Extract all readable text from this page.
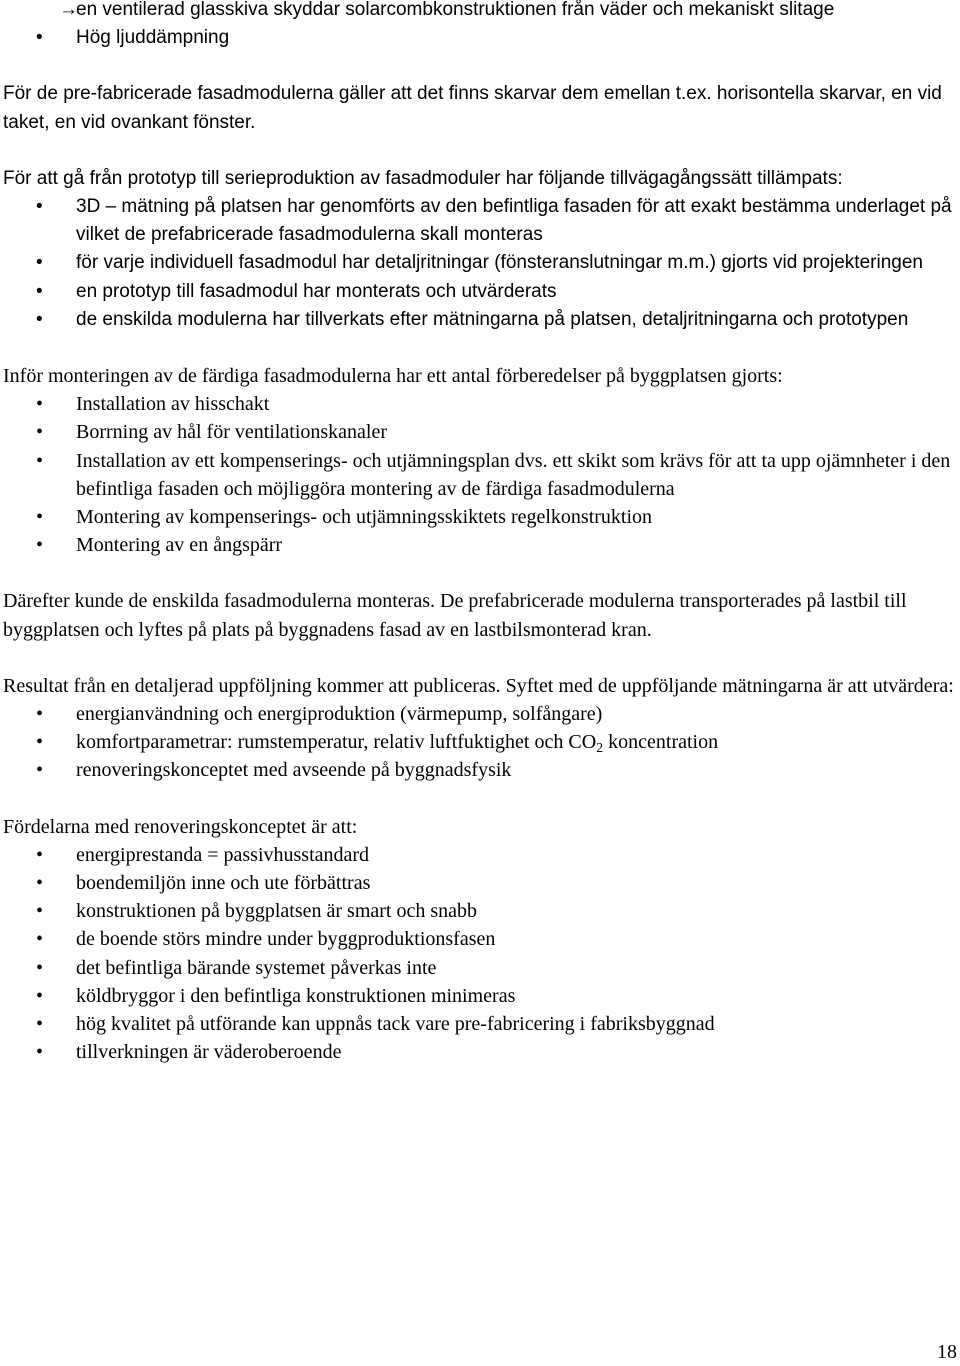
→
en ventilerad glasskiva skyddar solarcombkonstruktionen från väder och mekaniskt slitage
• Hög ljuddämpning

För de pre-fabricerade fasadmodulerna gäller att det finns skarvar dem emellan t.ex. horisontella skarvar, en vid taket, en vid ovankant fönster.

För att gå från prototyp till serieproduktion av fasadmoduler har följande tillvägagångssätt tillämpats:

• 3D – mätning på platsen har genomförts av den befintliga fasaden för att exakt bestämma underlaget på vilket de prefabricerade fasadmodulerna skall monteras
• för varje individuell fasadmodul har detaljritningar (fönsteranslutningar m.m.) gjorts vid projekteringen
• en prototyp till fasadmodul har monterats och utvärderats
• de enskilda modulerna har tillverkats efter mätningarna på platsen, detaljritningarna och prototypen

Inför monteringen av de färdiga fasadmodulerna har ett antal förberedelser på byggplatsen gjorts:

• Installation av hisschakt
• Borrning av hål för ventilationskanaler
• Installation av ett kompenserings- och utjämningsplan dvs. ett skikt som krävs för att ta upp ojämnheter i den befintliga fasaden och möjliggöra montering av de färdiga fasadmodulerna
• Montering av kompenserings- och utjämningsskiktets regelkonstruktion
• Montering av en ångspärr

Därefter kunde de enskilda fasadmodulerna monteras. De prefabricerade modulerna transporterades på lastbil till byggplatsen och lyftes på plats på byggnadens fasad av en lastbilsmonterad kran.

Resultat från en detaljerad uppföljning kommer att publiceras. Syftet med de uppföljande mätningarna är att utvärdera:

• energianvändning och energiproduktion (värmepump, solfångare)
• komfortparametrar: rumstemperatur, relativ luftfuktighet och $CO_2$ koncentration
• renoveringskonceptet med avseende på byggnadsfysik

Fördelarna med renoveringskonceptet är att:

• energiprestanda = passivhusstandard
• boendemiljön inne och ute förbättras
• konstruktionen på byggplatsen är smart och snabb
• de boende störs mindre under byggproduktionsfasen
• det befintliga bärande systemet påverkas inte
• köldbryggor i den befintliga konstruktionen minimeras
• hög kvalitet på utförande kan uppnås tack vare pre-fabricering i fabriksbyggnad
• tillverkningen är väderoberoende
18
